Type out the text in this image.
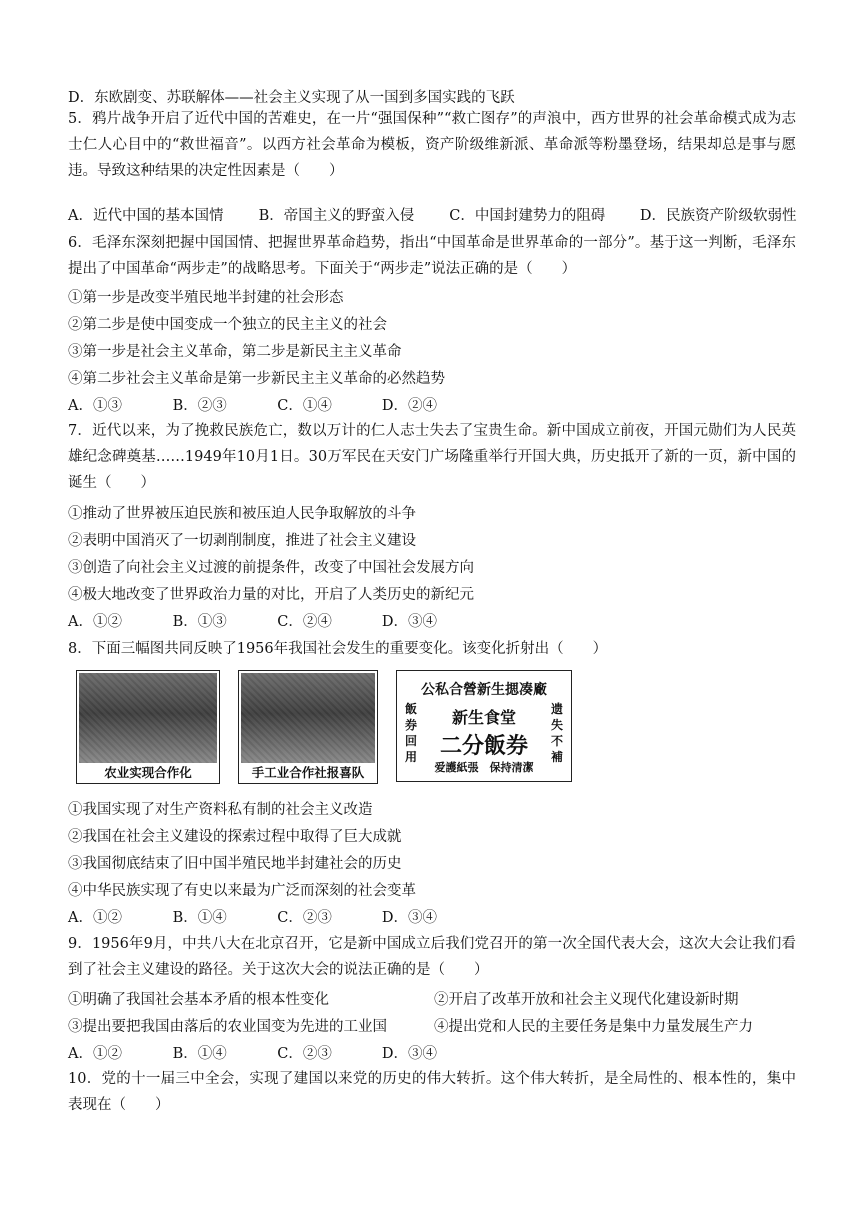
D．东欧剧变、苏联解体——社会主义实现了从一国到多国实践的飞跃
5．鸦片战争开启了近代中国的苦难史，在一片“强国保种”“救亡图存”的声浪中，西方世界的社会革命模式成为志士仁人心目中的“救世福音”。以西方社会革命为模板，资产阶级维新派、革命派等粉墨登场，结果却总是事与愿违。导致这种结果的决定性因素是（　　）
A．近代中国的基本国情 B．帝国主义的野蛮入侵 C．中国封建势力的阻碍 D．民族资产阶级软弱性
6．毛泽东深刻把握中国国情、把握世界革命趋势，指出“中国革命是世界革命的一部分”。基于这一判断，毛泽东提出了中国革命“两步走”的战略思考。下面关于“两步走”说法正确的是（　　）
①第一步是改变半殖民地半封建的社会形态
②第二步是使中国变成一个独立的民主主义的社会
③第一步是社会主义革命，第二步是新民主主义革命
④第二步社会主义革命是第一步新民主主义革命的必然趋势
A．①③	B．②③	C．①④	D．②④
7．近代以来，为了挽救民族危亡，数以万计的仁人志士失去了宝贵生命。新中国成立前夜，开国元勋们为人民英雄纪念碑奠基……1949年10月1日。30万军民在天安门广场隆重举行开国大典，历史抵开了新的一页，新中国的诞生（　　）
①推动了世界被压迫民族和被压迫人民争取解放的斗争
②表明中国消灭了一切剥削制度，推进了社会主义建设
③创造了向社会主义过渡的前提条件，改变了中国社会发展方向
④极大地改变了世界政治力量的对比，开启了人类历史的新纪元
A．①②	B．①③	C．②④	D．③④
8．下面三幅图共同反映了1956年我国社会发生的重要变化。该变化折射出（　　）
农业实现合作化	手工业合作社报喜队
公私合營新生揌凑廠
飯券回用
遗失不補
新生食堂
二分飯券
爱護紙張　保持清潔
①我国实现了对生产资料私有制的社会主义改造
②我国在社会主义建设的探索过程中取得了巨大成就
③我国彻底结束了旧中国半殖民地半封建社会的历史
④中华民族实现了有史以来最为广泛而深刻的社会变革
A．①②	B．①④	C．②③	D．③④
9．1956年9月，中共八大在北京召开，它是新中国成立后我们党召开的第一次全国代表大会，这次大会让我们看到了社会主义建设的路径。关于这次大会的说法正确的是（　　）
①明确了我国社会基本矛盾的根本性变化	②开启了改革开放和社会主义现代化建设新时期
③提出要把我国由落后的农业国变为先进的工业国	④提出党和人民的主要任务是集中力量发展生产力
A．①②	B．①④	C．②③	D．③④
10．党的十一届三中全会，实现了建国以来党的历史的伟大转折。这个伟大转折，是全局性的、根本性的，集中表现在（　　）
